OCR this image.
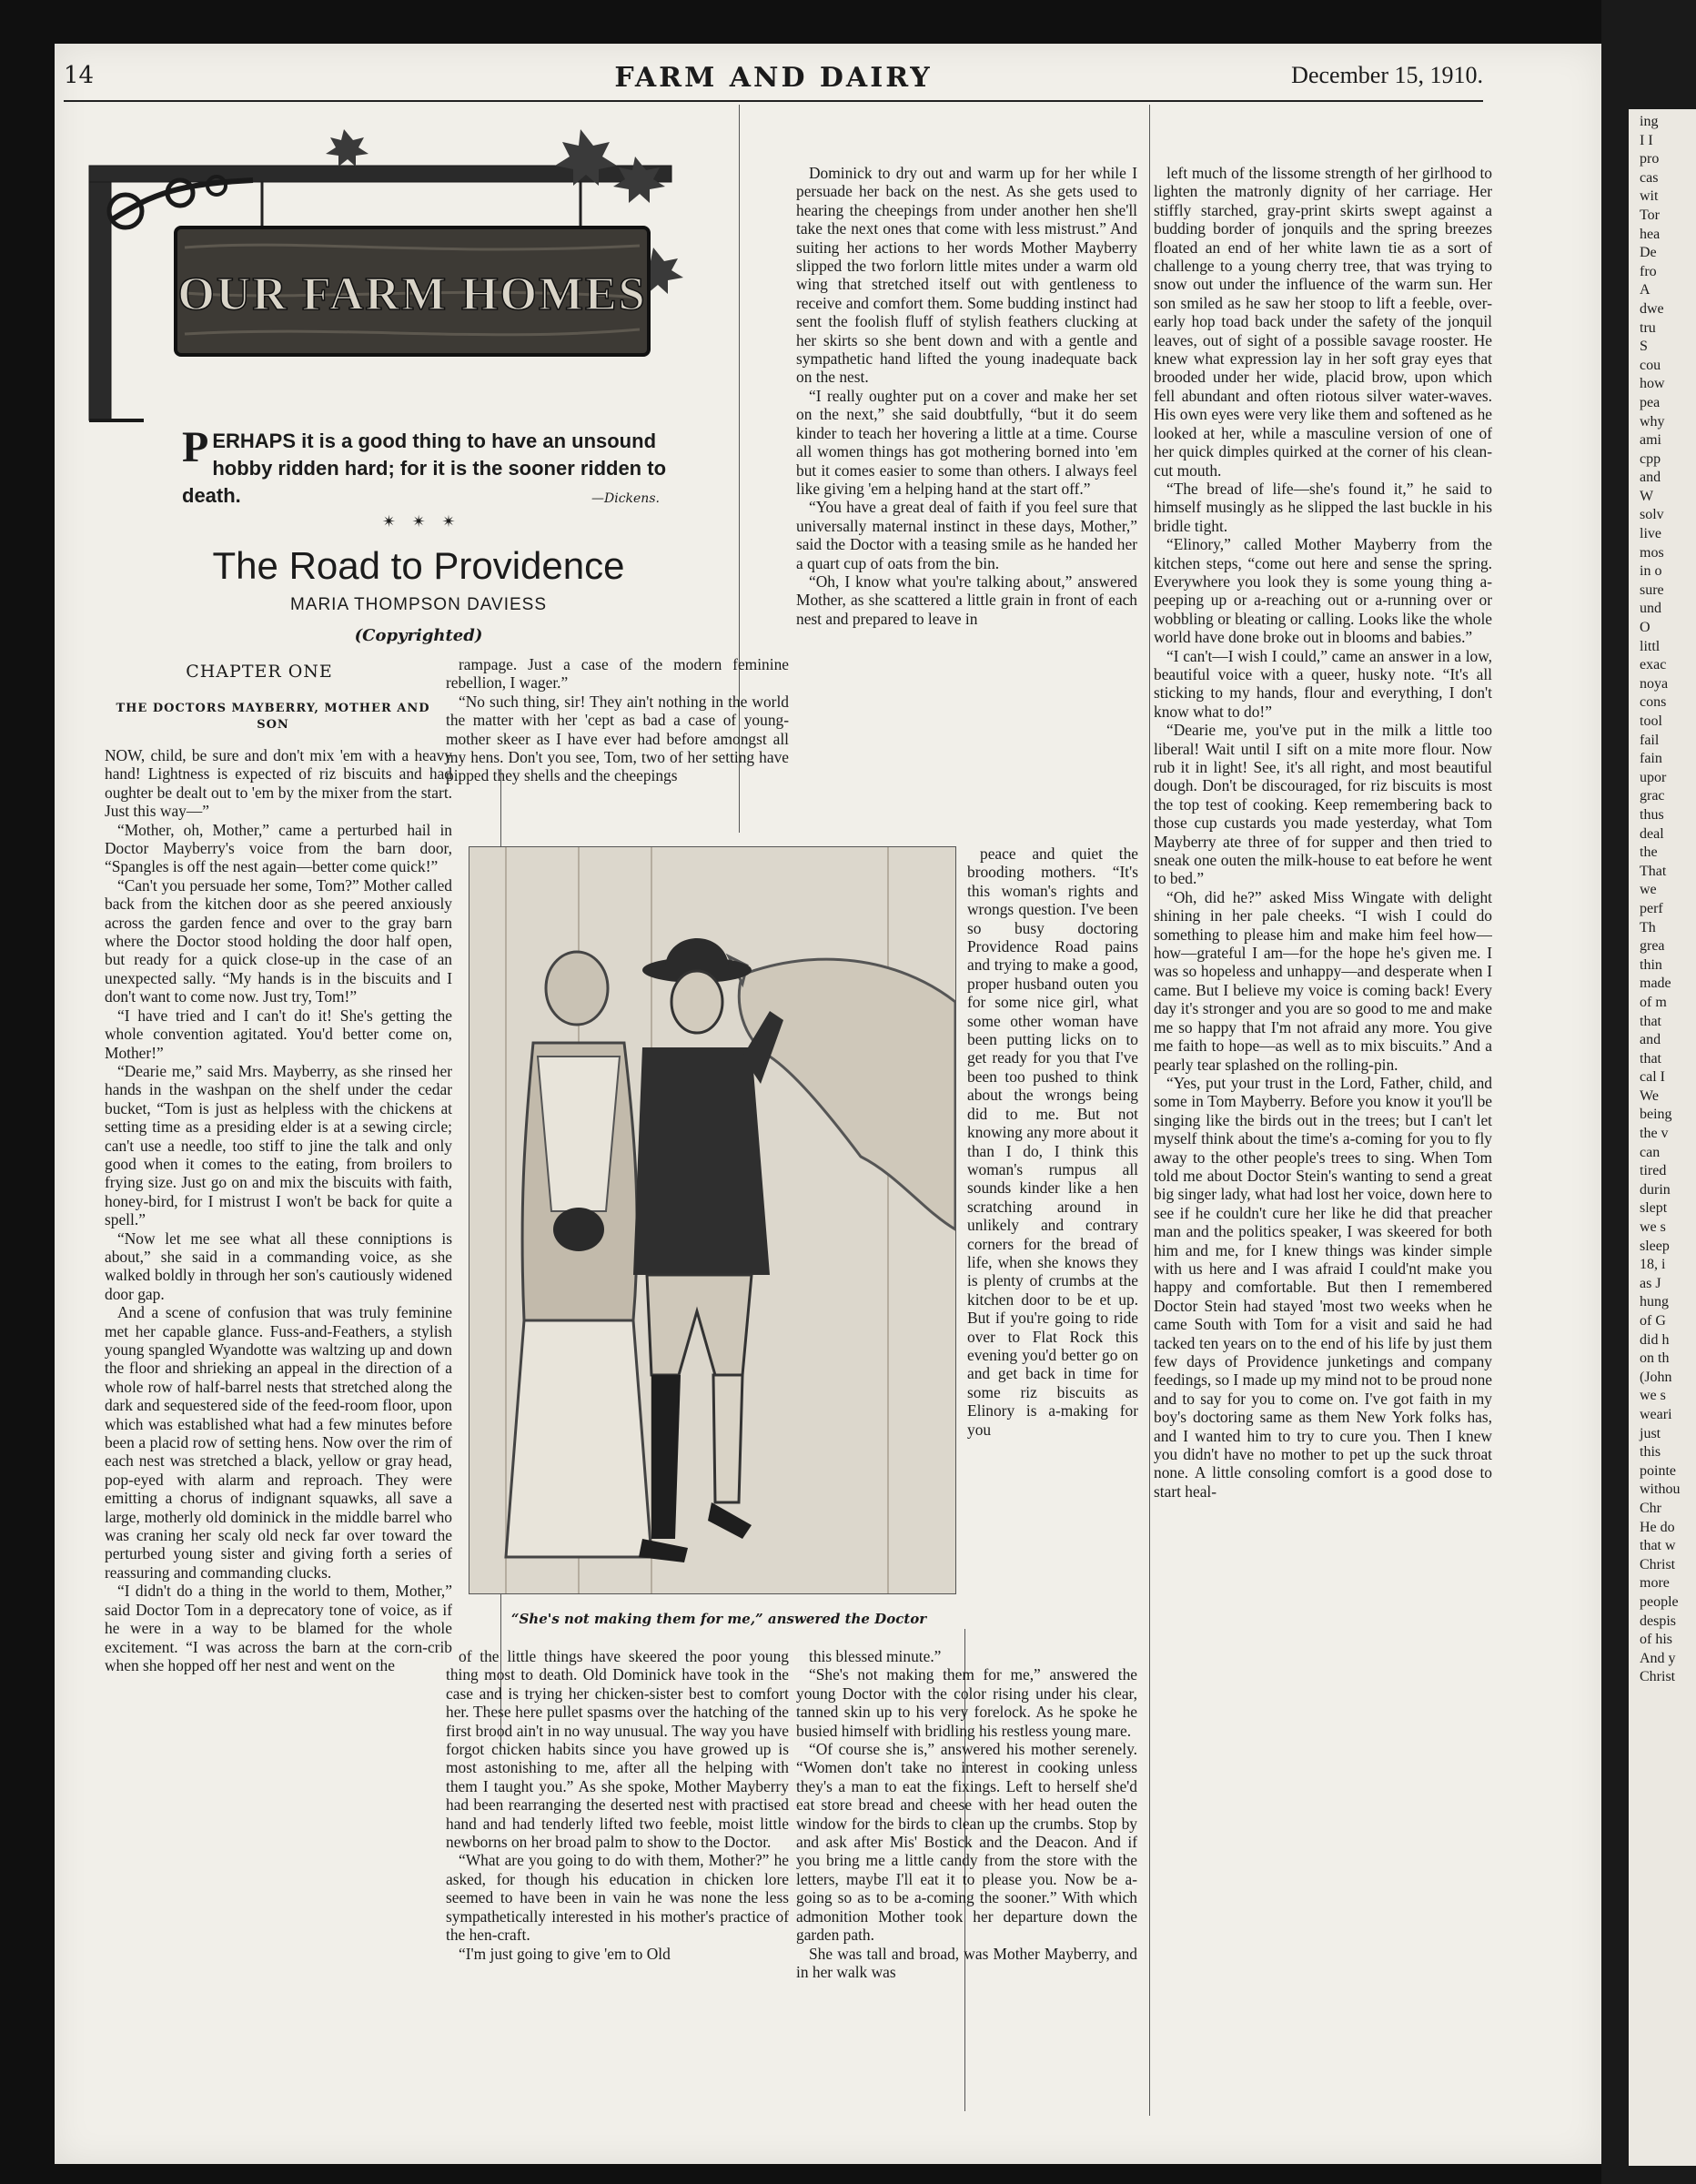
ing
I I
pro
cas
wit
Tor
hea
De
fro
A
dwe
tru
S
cou
how
pea
why
ami
cpp
and
W
solv
live
mos
in o
sure
und
O
littl
exac
noya
cons
tool
fail
fain
upor
grac
thus
deal
the
That
we
perf
Th
grea
thin
made
of m
that
and
that
cal I
We
being
the v
can
tired
durin
slept
we s
sleep
18, i
as J
hung
of G
did h
on th
(John
we s
weari
just
this
pointe
withou
Chr
He do
that w
Christ
more
people
despis
of his
And y
Christ
14	FARM AND DAIRY	December 15, 1910.
OUR FARM HOMES
PERHAPS it is a good thing to have an unsound hobby ridden hard; for it is the sooner ridden to death.	—Dickens.
✴ ✴ ✴
The Road to Providence
MARIA THOMPSON DAVIESS
(Copyrighted)
CHAPTER ONE
THE DOCTORS MAYBERRY, MOTHER AND SON

NOW, child, be sure and don't mix 'em with a heavy hand! Lightness is expected of riz biscuits and had oughter be dealt out to 'em by the mixer from the start. Just this way—”

“Mother, oh, Mother,” came a perturbed hail in Doctor Mayberry's voice from the barn door, “Spangles is off the nest again—better come quick!”

“Can't you persuade her some, Tom?” Mother called back from the kitchen door as she peered anxiously across the garden fence and over to the gray barn where the Doctor stood holding the door half open, but ready for a quick close-up in the case of an unexpected sally. “My hands is in the biscuits and I don't want to come now. Just try, Tom!”

“I have tried and I can't do it! She's getting the whole convention agitated. You'd better come on, Mother!”

“Dearie me,” said Mrs. Mayberry, as she rinsed her hands in the washpan on the shelf under the cedar bucket, “Tom is just as helpless with the chickens at setting time as a presiding elder is at a sewing circle; can't use a needle, too stiff to jine the talk and only good when it comes to the eating, from broilers to frying size. Just go on and mix the biscuits with faith, honey-bird, for I mistrust I won't be back for quite a spell.”

“Now let me see what all these conniptions is about,” she said in a commanding voice, as she walked boldly in through her son's cautiously widened door gap.

And a scene of confusion that was truly feminine met her capable glance. Fuss-and-Feathers, a stylish young spangled Wyandotte was waltzing up and down the floor and shrieking an appeal in the direction of a whole row of half-barrel nests that stretched along the dark and sequestered side of the feed-room floor, upon which was established what had a few minutes before been a placid row of setting hens. Now over the rim of each nest was stretched a black, yellow or gray head, pop-eyed with alarm and reproach. They were emitting a chorus of indignant squawks, all save a large, motherly old dominick in the middle barrel who was craning her scaly old neck far over toward the perturbed young sister and giving forth a series of reassuring and commanding clucks.

“I didn't do a thing in the world to them, Mother,” said Doctor Tom in a deprecatory tone of voice, as if he were in a way to be blamed for the whole excitement. “I was across the barn at the corn-crib when she hopped off her nest and went on the

rampage. Just a case of the modern feminine rebellion, I wager.”

“No such thing, sir! They ain't nothing in the world the matter with her 'cept as bad a case of young-mother skeer as I have ever had before amongst all my hens. Don't you see, Tom, two of her setting have pipped they shells and the cheepings

of the little things have skeered the poor young thing most to death. Old Dominick have took in the case and is trying her chicken-sister best to comfort her. These here pullet spasms over the hatching of the first brood ain't in no way unusual. The way you have forgot chicken habits since you have growed up is most astonishing to me, after all the helping with them I taught you.” As she spoke, Mother Mayberry had been rearranging the deserted nest with practised hand and had tenderly lifted two feeble, moist little newborns on her broad palm to show to the Doctor.

“What are you going to do with them, Mother?” he asked, for though his education in chicken lore seemed to have been in vain he was none the less sympathetically interested in his mother's practice of the hen-craft.

“I'm just going to give 'em to Old

Dominick to dry out and warm up for her while I persuade her back on the nest. As she gets used to hearing the cheepings from under another hen she'll take the next ones that come with less mistrust.” And suiting her actions to her words Mother Mayberry slipped the two forlorn little mites under a warm old wing that stretched itself out with gentleness to receive and comfort them. Some budding instinct had sent the foolish fluff of stylish feathers clucking at her skirts so she bent down and with a gentle and sympathetic hand lifted the young inadequate back on the nest.

“I really oughter put on a cover and make her set on the next,” she said doubtfully, “but it do seem kinder to teach her hovering a little at a time. Course all women things has got mothering borned into 'em but it comes easier to some than others. I always feel like giving 'em a helping hand at the start off.”

“You have a great deal of faith if you feel sure that universally maternal instinct in these days, Mother,” said the Doctor with a teasing smile as he handed her a quart cup of oats from the bin.

“Oh, I know what you're talking about,” answered Mother, as she scattered a little grain in front of each nest and prepared to leave in

peace and quiet the brooding mothers. “It's this woman's rights and wrongs question. I've been so busy doctoring Providence Road pains and trying to make a good, proper husband outen you for some nice girl, what some other woman have been putting licks on to get ready for you that I've been too pushed to think about the wrongs being did to me. But not knowing any more about it than I do, I think this woman's rumpus all sounds kinder like a hen scratching around in unlikely and contrary corners for the bread of life, when she knows they is plenty of crumbs at the kitchen door to be et up. But if you're going to ride over to Flat Rock this evening you'd better go on and get back in time for some riz biscuits as Elinory is a-making for you

this blessed minute.”

“She's not making them for me,” answered the young Doctor with the color rising under his clear, tanned skin up to his very forelock. As he spoke he busied himself with bridling his restless young mare.

“Of course she is,” answered his mother serenely. “Women don't take no interest in cooking unless they's a man to eat the fixings. Left to herself she'd eat store bread and cheese with her head outen the window for the birds to clean up the crumbs. Stop by and ask after Mis' Bostick and the Deacon. And if you bring me a little candy from the store with the letters, maybe I'll eat it to please you. Now be a-going so as to be a-coming the sooner.” With which admonition Mother took her departure down the garden path.

She was tall and broad, was Mother Mayberry, and in her walk was

left much of the lissome strength of her girlhood to lighten the matronly dignity of her carriage. Her stiffly starched, gray-print skirts swept against a budding border of jonquils and the spring breezes floated an end of her white lawn tie as a sort of challenge to a young cherry tree, that was trying to snow out under the influence of the warm sun. Her son smiled as he saw her stoop to lift a feeble, over-early hop toad back under the safety of the jonquil leaves, out of sight of a possible savage rooster. He knew what expression lay in her soft gray eyes that brooded under her wide, placid brow, upon which fell abundant and often riotous silver water-waves. His own eyes were very like them and softened as he looked at her, while a masculine version of one of her quick dimples quirked at the corner of his clean-cut mouth.

“The bread of life—she's found it,” he said to himself musingly as he slipped the last buckle in his bridle tight.

“Elinory,” called Mother Mayberry from the kitchen steps, “come out here and sense the spring. Everywhere you look they is some young thing a-peeping up or a-reaching out or a-running over or wobbling or bleating or calling. Looks like the whole world have done broke out in blooms and babies.”

“I can't—I wish I could,” came an answer in a low, beautiful voice with a queer, husky note. “It's all sticking to my hands, flour and everything, I don't know what to do!”

“Dearie me, you've put in the milk a little too liberal! Wait until I sift on a mite more flour. Now rub it in light! See, it's all right, and most beautiful dough. Don't be discouraged, for riz biscuits is most the top test of cooking. Keep remembering back to those cup custards you made yesterday, what Tom Mayberry ate three of for supper and then tried to sneak one outen the milk-house to eat before he went to bed.”

“Oh, did he?” asked Miss Wingate with delight shining in her pale cheeks. “I wish I could do something to please him and make him feel how—how—grateful I am—for the hope he's given me. I was so hopeless and unhappy—and desperate when I came. But I believe my voice is coming back! Every day it's stronger and you are so good to me and make me so happy that I'm not afraid any more. You give me faith to hope—as well as to mix biscuits.” And a pearly tear splashed on the rolling-pin.

“Yes, put your trust in the Lord, Father, child, and some in Tom Mayberry. Before you know it you'll be singing like the birds out in the trees; but I can't let myself think about the time's a-coming for you to fly away to the other people's trees to sing. When Tom told me about Doctor Stein's wanting to send a great big singer lady, what had lost her voice, down here to see if he couldn't cure her like he did that preacher man and the politics speaker, I was skeered for both him and me, for I knew things was kinder simple with us here and I was afraid I could'nt make you happy and comfortable. But then I remembered Doctor Stein had stayed 'most two weeks when he came South with Tom for a visit and said he had tacked ten years on to the end of his life by just them few days of Providence junketings and company feedings, so I made up my mind not to be proud none and to say for you to come on. I've got faith in my boy's doctoring same as them New York folks has, and I wanted him to try to cure you. Then I knew you didn't have no mother to pet up the suck throat none. A little consoling comfort is a good dose to start heal-

“She's not making them for me,” answered the Doctor
